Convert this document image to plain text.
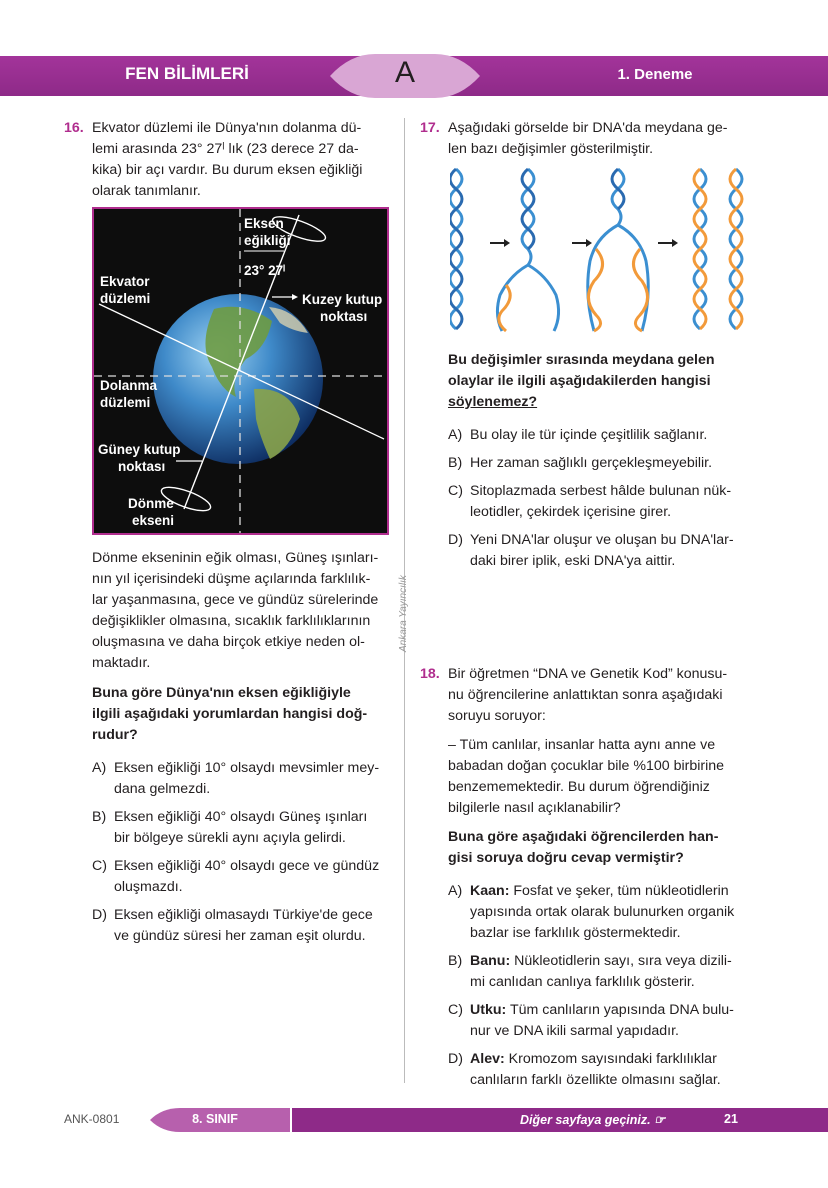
FEN BİLİMLERİ	A	1. Deneme
16. Ekvator düzlemi ile Dünya'nın dolanma dü-
lemi arasında 23° 27ˡ lık (23 derece 27 da-
kika) bir açı vardır. Bu durum eksen eğikliği
olarak tanımlanır.
Eksen
eğikliği
23° 27ˡ
Ekvator
düzlemi	Kuzey kutup
noktası
Dolanma
düzlemi
Güney kutup
noktası
Dönme
ekseni
Dönme ekseninin eğik olması, Güneş ışınları-
nın yıl içerisindeki düşme açılarında farklılık-
lar yaşanmasına, gece ve gündüz sürelerinde
değişiklikler olmasına, sıcaklık farklılıklarının
oluşmasına ve daha birçok etkiye neden ol-
maktadır.
Buna göre Dünya'nın eksen eğikliğiyle
ilgili aşağıdaki yorumlardan hangisi doğ-
rudur?
A) Eksen eğikliği 10° olsaydı mevsimler mey-
dana gelmezdi.
B) Eksen eğikliği 40° olsaydı Güneş ışınları
bir bölgeye sürekli aynı açıyla gelirdi.
C) Eksen eğikliği 40° olsaydı gece ve gündüz
oluşmazdı.
D) Eksen eğikliği olmasaydı Türkiye'de gece
ve gündüz süresi her zaman eşit olurdu.
Ankara Yayıncılık
17. Aşağıdaki görselde bir DNA'da meydana ge-
len bazı değişimler gösterilmiştir.
Bu değişimler sırasında meydana gelen
olaylar ile ilgili aşağıdakilerden hangisi
söylenemez?
A) Bu olay ile tür içinde çeşitlilik sağlanır.
B) Her zaman sağlıklı gerçekleşmeyebilir.
C) Sitoplazmada serbest hâlde bulunan nük-
leotidler, çekirdek içerisine girer.
D) Yeni DNA'lar oluşur ve oluşan bu DNA'lar-
daki birer iplik, eski DNA'ya aittir.
18. Bir öğretmen “DNA ve Genetik Kod” konusu-
nu öğrencilerine anlattıktan sonra aşağıdaki
soruyu soruyor:
– Tüm canlılar, insanlar hatta aynı anne ve
babadan doğan çocuklar bile %100 birbirine
benzememektedir. Bu durum öğrendiğiniz
bilgilerle nasıl açıklanabilir?
Buna göre aşağıdaki öğrencilerden han-
gisi soruya doğru cevap vermiştir?
A) Kaan: Fosfat ve şeker, tüm nükleotidlerin
yapısında ortak olarak bulunurken organik
bazlar ise farklılık göstermektedir.
B) Banu: Nükleotidlerin sayı, sıra veya dizili-
mi canlıdan canlıya farklılık gösterir.
C) Utku: Tüm canlıların yapısında DNA bulu-
nur ve DNA ikili sarmal yapıdadır.
D) Alev: Kromozom sayısındaki farklılıklar
canlıların farklı özellikte olmasını sağlar.
ANK-0801	8. SINIF	Diğer sayfaya geçiniz. ☞	21
